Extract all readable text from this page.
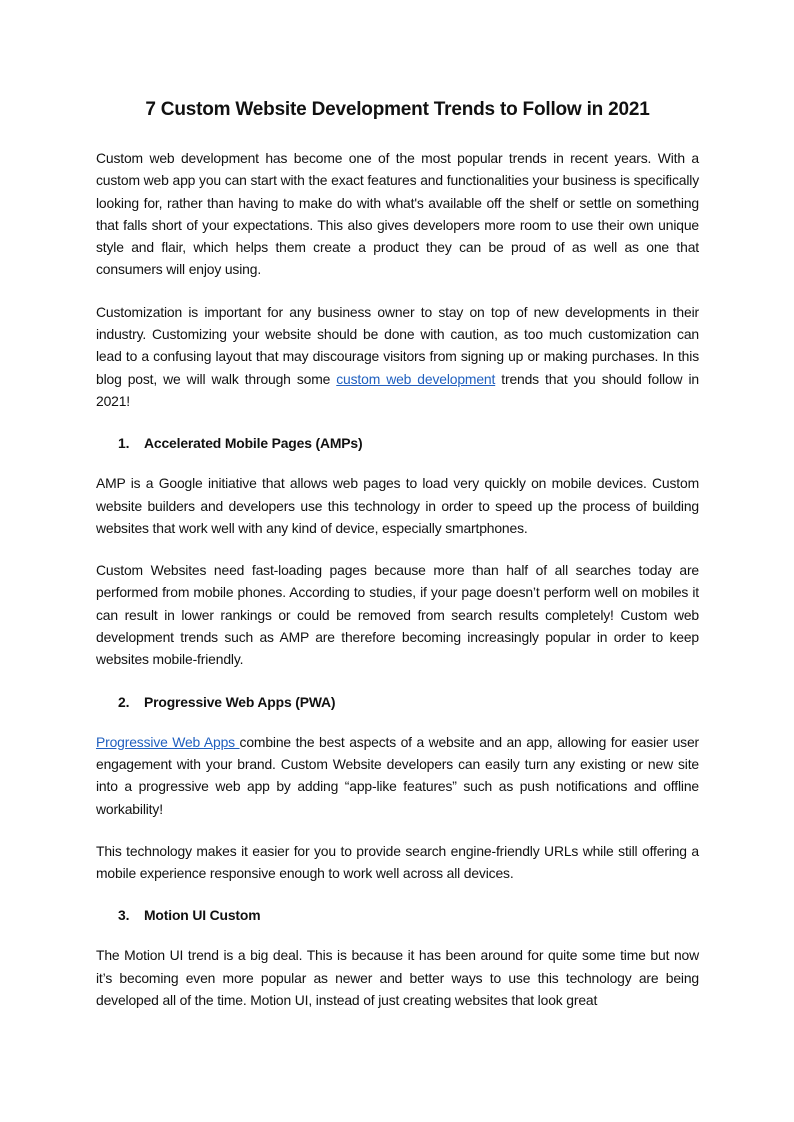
7 Custom Website Development Trends to Follow in 2021

Custom web development has become one of the most popular trends in recent years. With a custom web app you can start with the exact features and functionalities your business is specifically looking for, rather than having to make do with what's available off the shelf or settle on something that falls short of your expectations. This also gives developers more room to use their own unique style and flair, which helps them create a product they can be proud of as well as one that consumers will enjoy using.

Customization is important for any business owner to stay on top of new developments in their industry. Customizing your website should be done with caution, as too much customization can lead to a confusing layout that may discourage visitors from signing up or making purchases. In this blog post, we will walk through some custom web development trends that you should follow in 2021!

1. Accelerated Mobile Pages (AMPs)

AMP is a Google initiative that allows web pages to load very quickly on mobile devices. Custom website builders and developers use this technology in order to speed up the process of building websites that work well with any kind of device, especially smartphones.

Custom Websites need fast-loading pages because more than half of all searches today are performed from mobile phones. According to studies, if your page doesn’t perform well on mobiles it can result in lower rankings or could be removed from search results completely! Custom web development trends such as AMP are therefore becoming increasingly popular in order to keep websites mobile-friendly.

2. Progressive Web Apps (PWA)

Progressive Web Apps combine the best aspects of a website and an app, allowing for easier user engagement with your brand. Custom Website developers can easily turn any existing or new site into a progressive web app by adding “app-like features” such as push notifications and offline workability!

This technology makes it easier for you to provide search engine-friendly URLs while still offering a mobile experience responsive enough to work well across all devices.

3. Motion UI Custom

The Motion UI trend is a big deal. This is because it has been around for quite some time but now it’s becoming even more popular as newer and better ways to use this technology are being developed all of the time. Motion UI, instead of just creating websites that look great
